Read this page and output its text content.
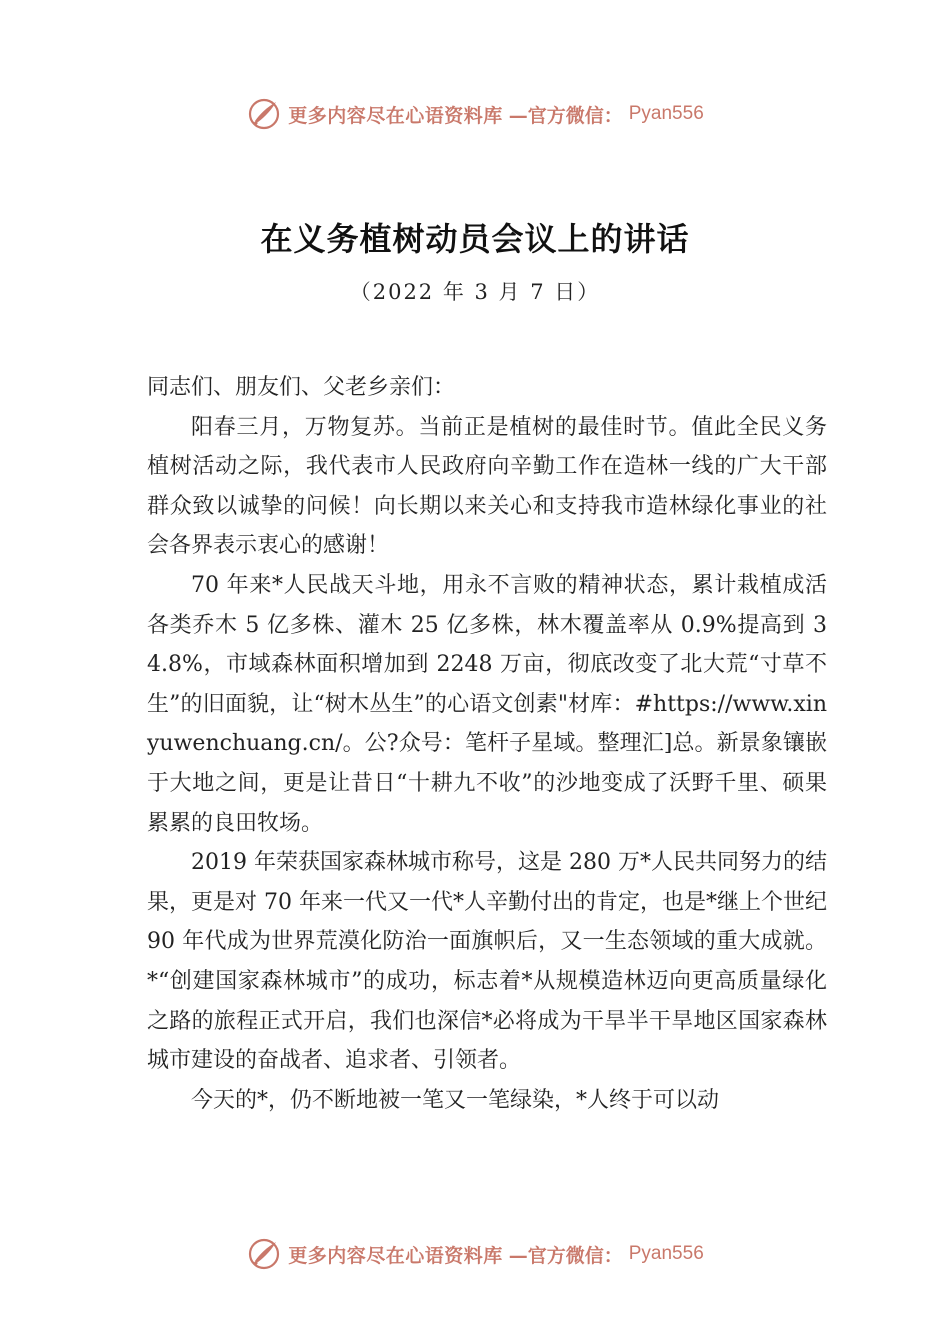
更多内容尽在心语资料库 —官方微信： Pyan556
在义务植树动员会议上的讲话
（2022 年 3 月 7 日）

同志们、朋友们、父老乡亲们：

阳春三月，万物复苏。当前正是植树的最佳时节。值此全民义务植树活动之际，我代表市人民政府向辛勤工作在造林一线的广大干部群众致以诚挚的问候！向长期以来关心和支持我市造林绿化事业的社会各界表示衷心的感谢！

70 年来*人民战天斗地，用永不言败的精神状态，累计栽植成活各类乔木 5 亿多株、灌木 25 亿多株，林木覆盖率从 0.9%提高到 34.8%，市域森林面积增加到 2248 万亩，彻底改变了北大荒“寸草不生”的旧面貌，让“树木丛生”的心语文创素"材库：#https://www.xinyuwenchuang.cn/。公?众号：笔杆子星域。整理汇]总。新景象镶嵌于大地之间，更是让昔日“十耕九不收”的沙地变成了沃野千里、硕果累累的良田牧场。

2019 年荣获国家森林城市称号，这是 280 万*人民共同努力的结果，更是对 70 年来一代又一代*人辛勤付出的肯定，也是*继上个世纪 90 年代成为世界荒漠化防治一面旗帜后，又一生态领域的重大成就。*“创建国家森林城市”的成功，标志着*从规模造林迈向更高质量绿化之路的旅程正式开启，我们也深信*必将成为干旱半干旱地区国家森林城市建设的奋战者、追求者、引领者。

今天的*，仍不断地被一笔又一笔绿染，*人终于可以动

更多内容尽在心语资料库 —官方微信： Pyan556
